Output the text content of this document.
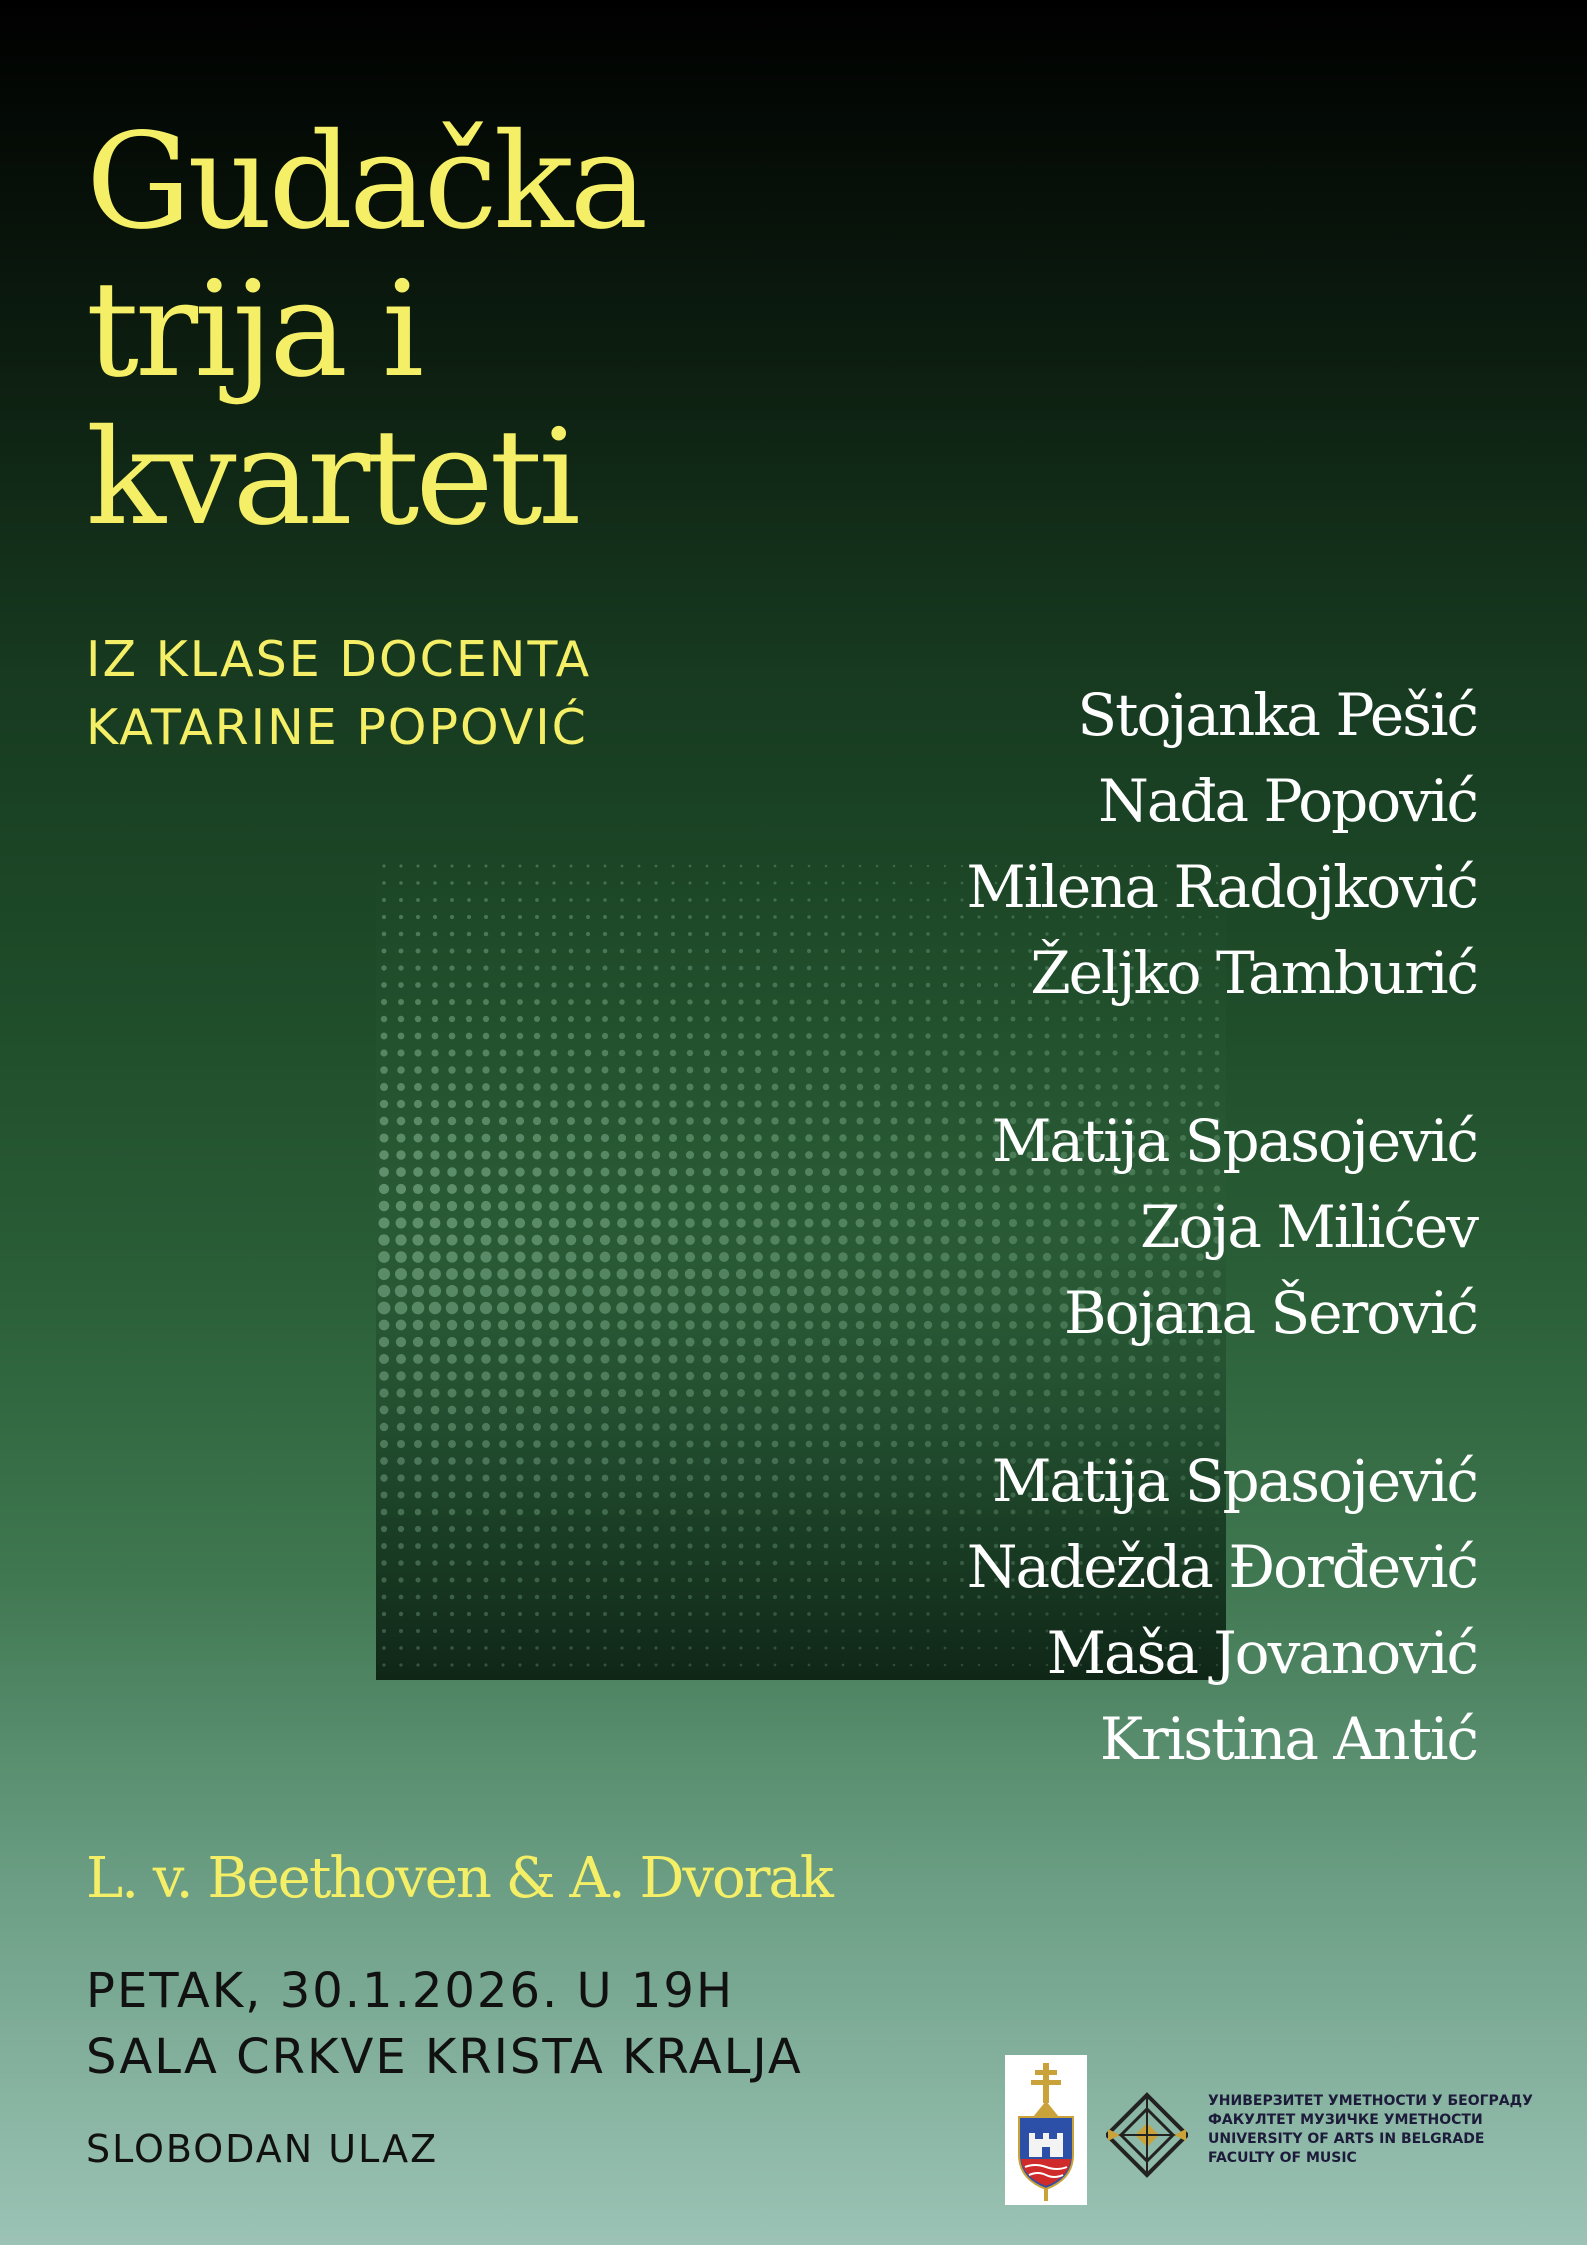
Gudačka
trija i
kvarteti
IZ KLASE DOCENTA
KATARINE POPOVIĆ	Stojanka Pešić
Nađa Popović
Milena Radojković
Željko Tamburić
Matija Spasojević
Zoja Milićev
Bojana Šerović
Matija Spasojević
Nadežda Đorđević
Maša Jovanović
Kristina Antić
L. v. Beethoven & A. Dvorak
PETAK, 30.1.2026. U 19H
SALA CRKVE KRISTA KRALJA
SLOBODAN ULAZ
УНИВЕРЗИТЕТ УМЕТНОСТИ У БЕОГРАДУ
ФАКУЛТЕТ МУЗИЧКЕ УМЕТНОСТИ
UNIVERSITY OF ARTS IN BELGRADE
FACULTY OF MUSIC
